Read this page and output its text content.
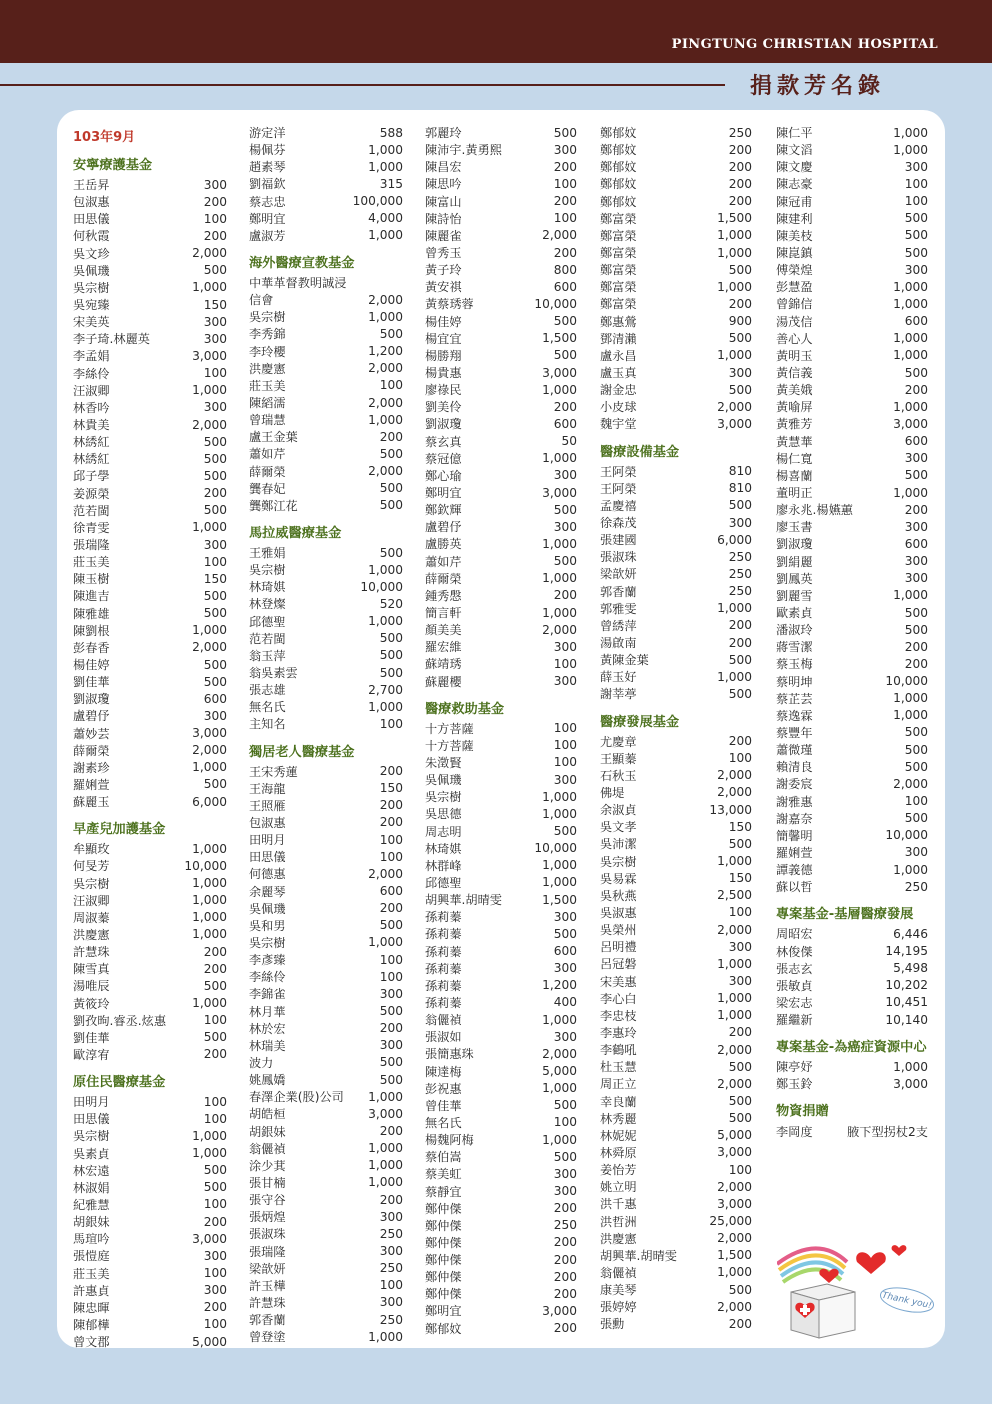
PINGTUNG CHRISTIAN HOSPITAL
捐款芳名錄
103年9月
安寧療護基金
王岳昇	300
包淑惠	200
田思儀	100
何秋霞	200
吳文珍	2,000
吳佩璣	500
吳宗樹	1,000
吳宛臻	150
宋美英	300
李子琦.林麗英	300
李孟娟	3,000
李絲伶	100
汪淑卿	1,000
林香吟	300
林貴美	2,000
林綉紅	500
林綉紅	500
邱子學	500
姜源榮	200
范若閩	500
徐青雯	1,000
張瑞隆	300
莊玉美	100
陳玉樹	150
陳進吉	500
陳雅雄	500
陳劉根	1,000
彭春香	2,000
楊佳婷	500
劉佳華	500
劉淑瓊	600
盧碧伃	300
蕭妙芸	3,000
薛爾榮	2,000
謝素珍	1,000
羅娳萱	500
蘇麗玉	6,000
早產兒加護基金
牟顯玫	1,000
何旻芳	10,000
吳宗樹	1,000
汪淑卿	1,000
周淑蓁	1,000
洪慶憲	1,000
許慧珠	200
陳雪真	200
湯唯辰	500
黃筱玲	1,000
劉孜昫.睿丞.炫惠	100
劉佳華	500
歐淳宥	200
原住民醫療基金
田明月	100
田思儀	100
吳宗樹	1,000
吳素貞	1,000
林宏遠	500
林淑娟	500
紀雅慧	100
胡銀妹	200
馬瑄吟	3,000
張愷庭	300
莊玉美	100
許惠貞	300
陳忠暉	200
陳郁樺	100
曾文郡	5,000
游定洋	588
楊佩芬	1,000
趙素琴	1,000
劉福欽	315
蔡志忠	100,000
鄭明宜	4,000
盧淑芳	1,000
海外醫療宣教基金
中華革督教明誠浸
信會	2,000
吳宗樹	1,000
李秀錦	500
李玲櫻	1,200
洪慶憲	2,000
莊玉美	100
陳縚濡	2,000
曾瑞慧	1,000
盧王金葉	200
蕭如芹	500
薛爾榮	2,000
龔春妃	500
龔鄭江花	500
馬拉威醫療基金
王雅娟	500
吳宗樹	1,000
林琦娸	10,000
林登燦	520
邱德聖	1,000
范若閩	500
翁玉萍	500
翁吳素雲	500
張志雄	2,700
無名氏	1,000
主知名	100
獨居老人醫療基金
王宋秀蓮	200
王海龍	150
王照雁	200
包淑惠	200
田明月	100
田思儀	100
何德惠	2,000
余麗琴	600
吳佩璣	200
吳和男	500
吳宗樹	1,000
李彥臻	100
李絲伶	100
李錦雀	300
林月華	500
林於宏	200
林瑞美	300
波力	500
姚鳳嬌	500
春澤企業(股)公司	1,000
胡皓桓	3,000
胡銀妹	200
翁儷禎	1,000
涂少萁	1,000
張甘楠	1,000
張守谷	200
張炳煌	300
張淑珠	250
張瑞隆	300
梁歆妍	250
許玉樺	100
許慧珠	300
郭香蘭	250
曾登塗	1,000
郭麗玲	500
陳沛宇.黃勇熙	300
陳昌宏	200
陳思吟	100
陳富山	200
陳詩怡	100
陳麗雀	2,000
曾秀玉	200
黃子玲	800
黃安祺	600
黃蔡琇蓉	10,000
楊佳婷	500
楊宜宜	1,500
楊勝翔	500
楊貴惠	3,000
廖祿民	1,000
劉美伶	200
劉淑瓊	600
蔡玄真	50
蔡冠億	1,000
鄭心瑜	300
鄭明宜	3,000
鄭欽輝	500
盧碧伃	300
盧勝英	1,000
蕭如芹	500
薛爾榮	1,000
鍾秀慇	200
簡言軒	1,000
顏美美	2,000
羅宏維	300
蘇靖琇	100
蘇麗櫻	300
醫療救助基金
十方菩薩	100
十方菩薩	100
朱澂賢	100
吳佩璣	300
吳宗樹	1,000
吳思德	1,000
周志明	500
林琦娸	10,000
林群峰	1,000
邱德聖	1,000
胡興華.胡晴雯	1,500
孫莉蓁	300
孫莉蓁	500
孫莉蓁	600
孫莉蓁	300
孫莉蓁	1,200
孫莉蓁	400
翁儷禎	1,000
張淑如	300
張簡惠珠	2,000
陳達梅	5,000
彭祝惠	1,000
曾佳華	500
無名氏	100
楊魏阿梅	1,000
蔡伯嵩	500
蔡美虹	300
蔡靜宜	300
鄭仲傑	200
鄭仲傑	250
鄭仲傑	200
鄭仲傑	200
鄭仲傑	200
鄭仲傑	200
鄭明宜	3,000
鄭郁妏	200
鄭郁妏	250
鄭郁妏	200
鄭郁妏	200
鄭郁妏	200
鄭郁妏	200
鄭富榮	1,500
鄭富榮	1,000
鄭富榮	1,000
鄭富榮	500
鄭富榮	1,000
鄭富榮	200
鄭惠鶯	900
鄧清瀨	500
盧永昌	1,000
盧玉真	300
謝金忠	500
小皮球	2,000
魏宇堂	3,000
醫療設備基金
王阿榮	810
王阿榮	810
孟慶禧	500
徐森茂	300
張建國	6,000
張淑珠	250
梁歆妍	250
郭香蘭	250
郭雅雯	1,000
曾綉萍	200
湯啟南	200
黃陳金葉	500
薛玉好	1,000
謝莘葶	500
醫療發展基金
尤慶章	200
王顯蓁	100
石秋玉	2,000
佛堤	2,000
余淑貞	13,000
吳文孝	150
吳沛潔	500
吳宗樹	1,000
吳易霖	150
吳秋燕	2,500
吳淑惠	100
吳榮州	2,000
呂明禮	300
呂冠磐	1,000
宋美惠	300
李心白	1,000
李忠枝	1,000
李惠玲	200
李鶴吼	2,000
杜玉慧	500
周正立	2,000
幸良蘭	500
林秀麗	500
林妮妮	5,000
林舜原	3,000
姜怡芳	100
姚立明	2,000
洪千惠	3,000
洪哲洲	25,000
洪慶憲	2,000
胡興華.胡晴雯	1,500
翁儷禎	1,000
康美琴	500
張婷婷	2,000
張勳	200
陳仁平	1,000
陳文滔	1,000
陳文慶	300
陳志豪	100
陳冠甫	100
陳建利	500
陳美枝	500
陳崑鎮	500
傅榮煌	300
彭慧盈	1,000
曾錦信	1,000
湯茂信	600
善心人	1,000
黃明玉	1,000
黃信義	500
黃美娥	200
黃喻屏	1,000
黃雅芳	3,000
黃慧華	600
楊仁寬	300
楊喜蘭	500
董明正	1,000
廖永兆.楊嬿蕙	200
廖玉書	300
劉淑瓊	600
劉絹麗	300
劉鳳英	300
劉麗雪	1,000
歐素貞	500
潘淑玲	500
蔣雪潔	200
蔡玉梅	200
蔡明坤	10,000
蔡芷芸	1,000
蔡逸霖	1,000
蔡豐年	500
蕭微瑾	500
賴清良	500
謝委宸	2,000
謝雅惠	100
謝嘉奈	500
簡馨明	10,000
羅娳萱	300
譚義德	1,000
蘇以哲	250
專案基金-基層醫療發展
周昭宏	6,446
林俊傑	14,195
張志玄	5,498
張敏貞	10,202
梁宏志	10,451
羅繼新	10,140
專案基金-為癌症資源中心
陳亭妤	1,000
鄭玉鈴	3,000
物資捐贈
李岡度	腋下型拐杖2支
Thank you!
